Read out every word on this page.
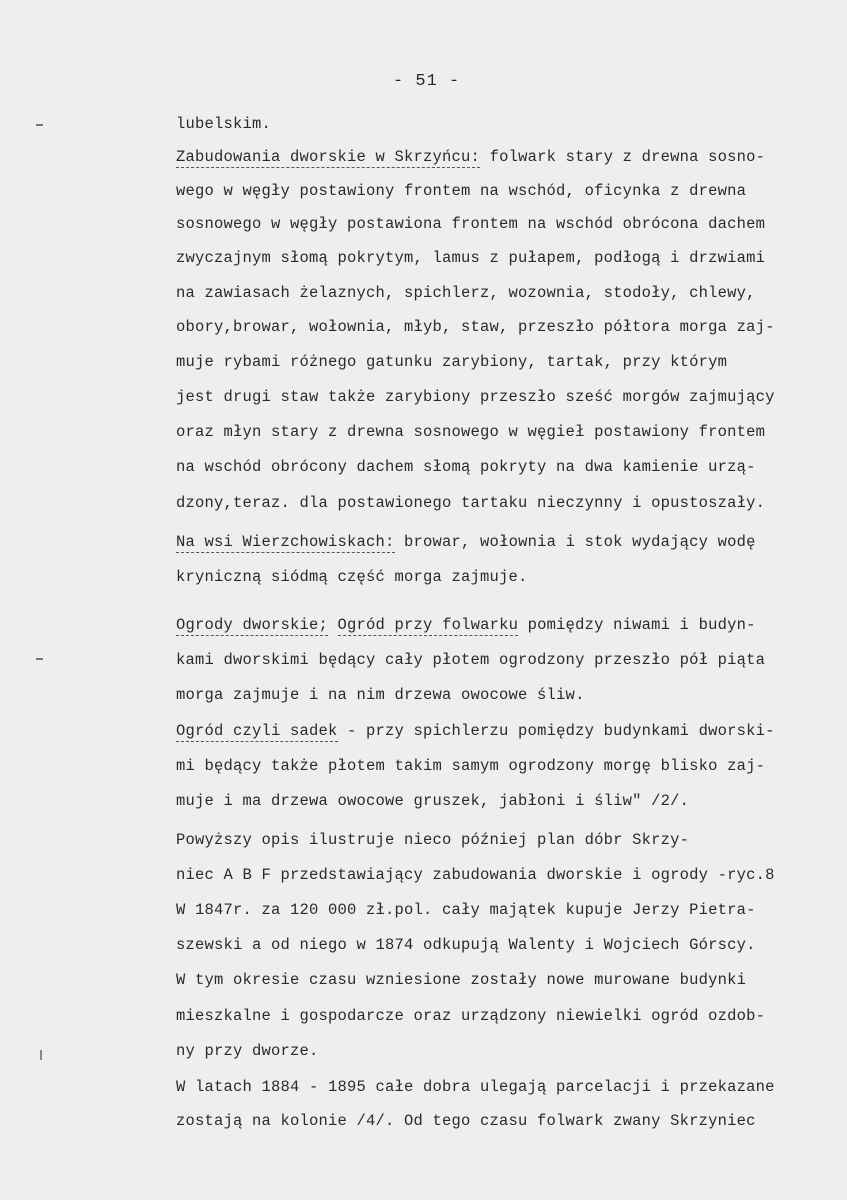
- 51 -
lubelskim.
Zabudowania dworskie w Skrzyńcu: folwark stary z drewna sosno-
wego w węgły postawiony frontem na wschód, oficynka z drewna
sosnowego w węgły postawiona frontem na wschód obrócona dachem
zwyczajnym słomą pokrytym, lamus z pułapem, podłogą i drzwiami
na zawiasach żelaznych, spichlerz, wozownia, stodoły, chlewy,
obory,browar, wołownia, młyb, staw, przeszło półtora morga zaj-
muje rybami różnego gatunku zarybiony, tartak, przy którym
jest drugi staw także zarybiony przeszło sześć morgów zajmujący
oraz młyn stary z drewna sosnowego w węgieł postawiony frontem
na wschód obrócony dachem słomą pokryty na dwa kamienie urzą-
dzony,teraz. dla postawionego tartaku nieczynny i opustoszały.
Na wsi Wierzchowiskach: browar, wołownia i stok wydający wodę
kryniczną siódmą część morga zajmuje.
Ogrody dworskie; Ogród przy folwarku pomiędzy niwami i budyn-
kami dworskimi będący cały płotem ogrodzony przeszło pół piąta
morga zajmuje i na nim drzewa owocowe śliw.
Ogród czyli sadek - przy spichlerzu pomiędzy budynkami dworski-
mi będący także płotem takim samym ogrodzony morgę blisko zaj-
muje i ma drzewa owocowe gruszek, jabłoni i śliw" /2/.
Powyższy opis ilustruje nieco później plan dóbr Skrzy-
niec A B F przedstawiający zabudowania dworskie i ogrody -ryc.8
W 1847r. za 120 000 zł.pol. cały majątek kupuje Jerzy Pietra-
szewski a od niego w 1874 odkupują Walenty i Wojciech Górscy.
W tym okresie czasu wzniesione zostały nowe murowane budynki
mieszkalne i gospodarcze oraz urządzony niewielki ogród ozdob-
ny przy dworze.
W latach 1884 - 1895 całe dobra ulegają parcelacji i przekazane
zostają na kolonie /4/. Od tego czasu folwark zwany Skrzyniec
